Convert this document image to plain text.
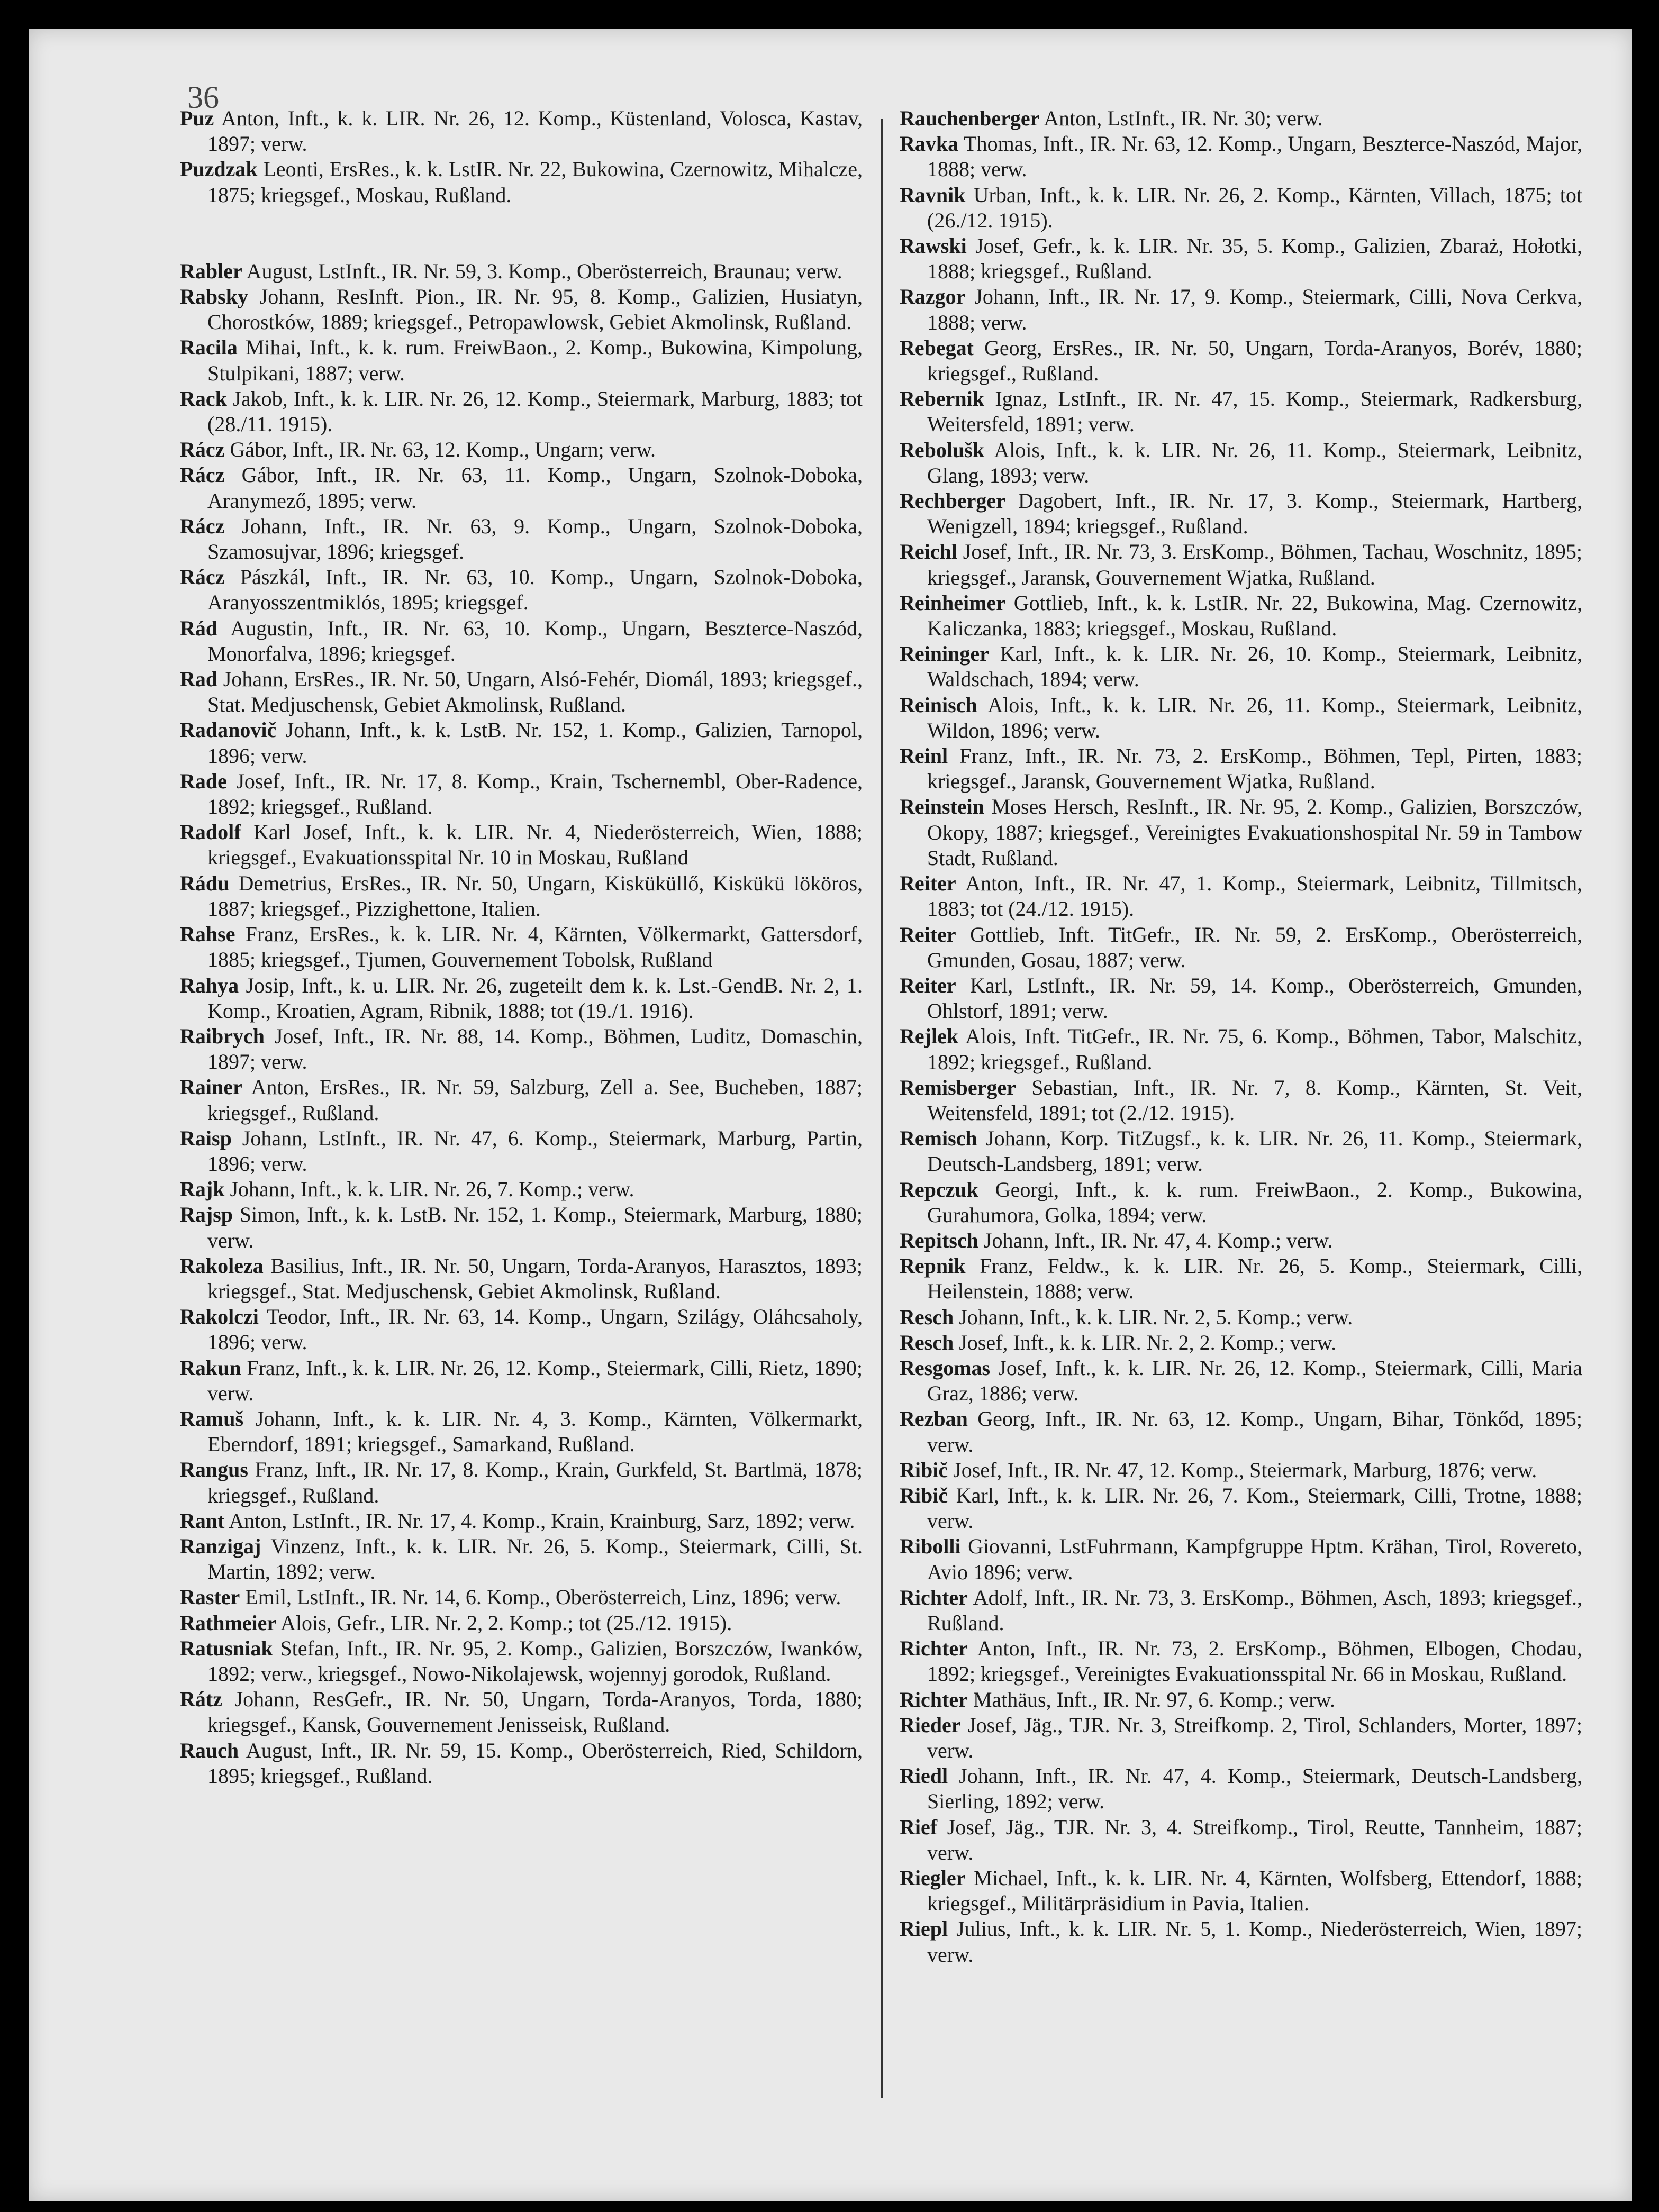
36

Puz Anton, Inft., k. k. LIR. Nr. 26, 12. Komp., Küstenland, Volosca, Kastav, 1897; verw.

Puzdzak Leonti, ErsRes., k. k. LstIR. Nr. 22, Bukowina, Czernowitz, Mihalcze, 1875; kriegsgef., Moskau, Rußland.

Rabler August, LstInft., IR. Nr. 59, 3. Komp., Oberösterreich, Braunau; verw.

Rabsky Johann, ResInft. Pion., IR. Nr. 95, 8. Komp., Galizien, Husiatyn, Chorostków, 1889; kriegsgef., Petropawlowsk, Gebiet Akmolinsk, Rußland.

Racila Mihai, Inft., k. k. rum. FreiwBaon., 2. Komp., Bukowina, Kimpolung, Stulpikani, 1887; verw.

Rack Jakob, Inft., k. k. LIR. Nr. 26, 12. Komp., Steiermark, Marburg, 1883; tot (28./11. 1915).

Rácz Gábor, Inft., IR. Nr. 63, 12. Komp., Ungarn; verw.

Rácz Gábor, Inft., IR. Nr. 63, 11. Komp., Ungarn, Szolnok-Doboka, Aranymező, 1895; verw.

Rácz Johann, Inft., IR. Nr. 63, 9. Komp., Ungarn, Szolnok-Doboka, Szamosujvar, 1896; kriegsgef.

Rácz Pászkál, Inft., IR. Nr. 63, 10. Komp., Ungarn, Szolnok-Doboka, Aranyosszentmiklós, 1895; kriegsgef.

Rád Augustin, Inft., IR. Nr. 63, 10. Komp., Ungarn, Beszterce-Naszód, Monorfalva, 1896; kriegsgef.

Rad Johann, ErsRes., IR. Nr. 50, Ungarn, Alsó-Fehér, Diomál, 1893; kriegsgef., Stat. Medjuschensk, Gebiet Akmolinsk, Rußland.

Radanovič Johann, Inft., k. k. LstB. Nr. 152, 1. Komp., Galizien, Tarnopol, 1896; verw.

Rade Josef, Inft., IR. Nr. 17, 8. Komp., Krain, Tschernembl, Ober-Radence, 1892; kriegsgef., Rußland.

Radolf Karl Josef, Inft., k. k. LIR. Nr. 4, Niederösterreich, Wien, 1888; kriegsgef., Evakuationsspital Nr. 10 in Moskau, Rußland

Rádu Demetrius, ErsRes., IR. Nr. 50, Ungarn, Kisküküllő, Kiskükü lököros, 1887; kriegsgef., Pizzighettone, Italien.

Rahse Franz, ErsRes., k. k. LIR. Nr. 4, Kärnten, Völkermarkt, Gattersdorf, 1885; kriegsgef., Tjumen, Gouvernement Tobolsk, Rußland

Rahya Josip, Inft., k. u. LIR. Nr. 26, zugeteilt dem k. k. Lst.-GendB. Nr. 2, 1. Komp., Kroatien, Agram, Ribnik, 1888; tot (19./1. 1916).

Raibrych Josef, Inft., IR. Nr. 88, 14. Komp., Böhmen, Luditz, Domaschin, 1897; verw.

Rainer Anton, ErsRes., IR. Nr. 59, Salzburg, Zell a. See, Bucheben, 1887; kriegsgef., Rußland.

Raisp Johann, LstInft., IR. Nr. 47, 6. Komp., Steiermark, Marburg, Partin, 1896; verw.

Rajk Johann, Inft., k. k. LIR. Nr. 26, 7. Komp.; verw.

Rajsp Simon, Inft., k. k. LstB. Nr. 152, 1. Komp., Steiermark, Marburg, 1880; verw.

Rakoleza Basilius, Inft., IR. Nr. 50, Ungarn, Torda-Aranyos, Harasztos, 1893; kriegsgef., Stat. Medjuschensk, Gebiet Akmolinsk, Rußland.

Rakolczi Teodor, Inft., IR. Nr. 63, 14. Komp., Ungarn, Szilágy, Oláhcsaholy, 1896; verw.

Rakun Franz, Inft., k. k. LIR. Nr. 26, 12. Komp., Steiermark, Cilli, Rietz, 1890; verw.

Ramuš Johann, Inft., k. k. LIR. Nr. 4, 3. Komp., Kärnten, Völkermarkt, Eberndorf, 1891; kriegsgef., Samarkand, Rußland.

Rangus Franz, Inft., IR. Nr. 17, 8. Komp., Krain, Gurkfeld, St. Bartlmä, 1878; kriegsgef., Rußland.

Rant Anton, LstInft., IR. Nr. 17, 4. Komp., Krain, Krainburg, Sarz, 1892; verw.

Ranzigaj Vinzenz, Inft., k. k. LIR. Nr. 26, 5. Komp., Steiermark, Cilli, St. Martin, 1892; verw.

Raster Emil, LstInft., IR. Nr. 14, 6. Komp., Oberösterreich, Linz, 1896; verw.

Rathmeier Alois, Gefr., LIR. Nr. 2, 2. Komp.; tot (25./12. 1915).

Ratusniak Stefan, Inft., IR. Nr. 95, 2. Komp., Galizien, Borszczów, Iwanków, 1892; verw., kriegsgef., Nowo-Nikolajewsk, wojennyj gorodok, Rußland.

Rátz Johann, ResGefr., IR. Nr. 50, Ungarn, Torda-Aranyos, Torda, 1880; kriegsgef., Kansk, Gouvernement Jenisseisk, Rußland.

Rauch August, Inft., IR. Nr. 59, 15. Komp., Oberösterreich, Ried, Schildorn, 1895; kriegsgef., Rußland.

Rauchenberger Anton, LstInft., IR. Nr. 30; verw.

Ravka Thomas, Inft., IR. Nr. 63, 12. Komp., Ungarn, Beszterce-Naszód, Major, 1888; verw.

Ravnik Urban, Inft., k. k. LIR. Nr. 26, 2. Komp., Kärnten, Villach, 1875; tot (26./12. 1915).

Rawski Josef, Gefr., k. k. LIR. Nr. 35, 5. Komp., Galizien, Zbaraż, Hołotki, 1888; kriegsgef., Rußland.

Razgor Johann, Inft., IR. Nr. 17, 9. Komp., Steiermark, Cilli, Nova Cerkva, 1888; verw.

Rebegat Georg, ErsRes., IR. Nr. 50, Ungarn, Torda-Aranyos, Borév, 1880; kriegsgef., Rußland.

Rebernik Ignaz, LstInft., IR. Nr. 47, 15. Komp., Steiermark, Radkersburg, Weitersfeld, 1891; verw.

Rebolušk Alois, Inft., k. k. LIR. Nr. 26, 11. Komp., Steiermark, Leibnitz, Glang, 1893; verw.

Rechberger Dagobert, Inft., IR. Nr. 17, 3. Komp., Steiermark, Hartberg, Wenigzell, 1894; kriegsgef., Rußland.

Reichl Josef, Inft., IR. Nr. 73, 3. ErsKomp., Böhmen, Tachau, Woschnitz, 1895; kriegsgef., Jaransk, Gouvernement Wjatka, Rußland.

Reinheimer Gottlieb, Inft., k. k. LstIR. Nr. 22, Bukowina, Mag. Czernowitz, Kaliczanka, 1883; kriegsgef., Moskau, Rußland.

Reininger Karl, Inft., k. k. LIR. Nr. 26, 10. Komp., Steiermark, Leibnitz, Waldschach, 1894; verw.

Reinisch Alois, Inft., k. k. LIR. Nr. 26, 11. Komp., Steiermark, Leibnitz, Wildon, 1896; verw.

Reinl Franz, Inft., IR. Nr. 73, 2. ErsKomp., Böhmen, Tepl, Pirten, 1883; kriegsgef., Jaransk, Gouvernement Wjatka, Rußland.

Reinstein Moses Hersch, ResInft., IR. Nr. 95, 2. Komp., Galizien, Borszczów, Okopy, 1887; kriegsgef., Vereinigtes Evakuationshospital Nr. 59 in Tambow Stadt, Rußland.

Reiter Anton, Inft., IR. Nr. 47, 1. Komp., Steiermark, Leibnitz, Tillmitsch, 1883; tot (24./12. 1915).

Reiter Gottlieb, Inft. TitGefr., IR. Nr. 59, 2. ErsKomp., Oberösterreich, Gmunden, Gosau, 1887; verw.

Reiter Karl, LstInft., IR. Nr. 59, 14. Komp., Oberösterreich, Gmunden, Ohlstorf, 1891; verw.

Rejlek Alois, Inft. TitGefr., IR. Nr. 75, 6. Komp., Böhmen, Tabor, Malschitz, 1892; kriegsgef., Rußland.

Remisberger Sebastian, Inft., IR. Nr. 7, 8. Komp., Kärnten, St. Veit, Weitensfeld, 1891; tot (2./12. 1915).

Remisch Johann, Korp. TitZugsf., k. k. LIR. Nr. 26, 11. Komp., Steiermark, Deutsch-Landsberg, 1891; verw.

Repczuk Georgi, Inft., k. k. rum. FreiwBaon., 2. Komp., Bukowina, Gurahumora, Golka, 1894; verw.

Repitsch Johann, Inft., IR. Nr. 47, 4. Komp.; verw.

Repnik Franz, Feldw., k. k. LIR. Nr. 26, 5. Komp., Steiermark, Cilli, Heilenstein, 1888; verw.

Resch Johann, Inft., k. k. LIR. Nr. 2, 5. Komp.; verw.

Resch Josef, Inft., k. k. LIR. Nr. 2, 2. Komp.; verw.

Resgomas Josef, Inft., k. k. LIR. Nr. 26, 12. Komp., Steiermark, Cilli, Maria Graz, 1886; verw.

Rezban Georg, Inft., IR. Nr. 63, 12. Komp., Ungarn, Bihar, Tönkőd, 1895; verw.

Ribič Josef, Inft., IR. Nr. 47, 12. Komp., Steiermark, Marburg, 1876; verw.

Ribič Karl, Inft., k. k. LIR. Nr. 26, 7. Kom., Steiermark, Cilli, Trotne, 1888; verw.

Ribolli Giovanni, LstFuhrmann, Kampfgruppe Hptm. Krähan, Tirol, Rovereto, Avio 1896; verw.

Richter Adolf, Inft., IR. Nr. 73, 3. ErsKomp., Böhmen, Asch, 1893; kriegsgef., Rußland.

Richter Anton, Inft., IR. Nr. 73, 2. ErsKomp., Böhmen, Elbogen, Chodau, 1892; kriegsgef., Vereinigtes Evakuationsspital Nr. 66 in Moskau, Rußland.

Richter Mathäus, Inft., IR. Nr. 97, 6. Komp.; verw.

Rieder Josef, Jäg., TJR. Nr. 3, Streifkomp. 2, Tirol, Schlanders, Morter, 1897; verw.

Riedl Johann, Inft., IR. Nr. 47, 4. Komp., Steiermark, Deutsch-Landsberg, Sierling, 1892; verw.

Rief Josef, Jäg., TJR. Nr. 3, 4. Streifkomp., Tirol, Reutte, Tannheim, 1887; verw.

Riegler Michael, Inft., k. k. LIR. Nr. 4, Kärnten, Wolfsberg, Ettendorf, 1888; kriegsgef., Militärpräsidium in Pavia, Italien.

Riepl Julius, Inft., k. k. LIR. Nr. 5, 1. Komp., Niederösterreich, Wien, 1897; verw.
